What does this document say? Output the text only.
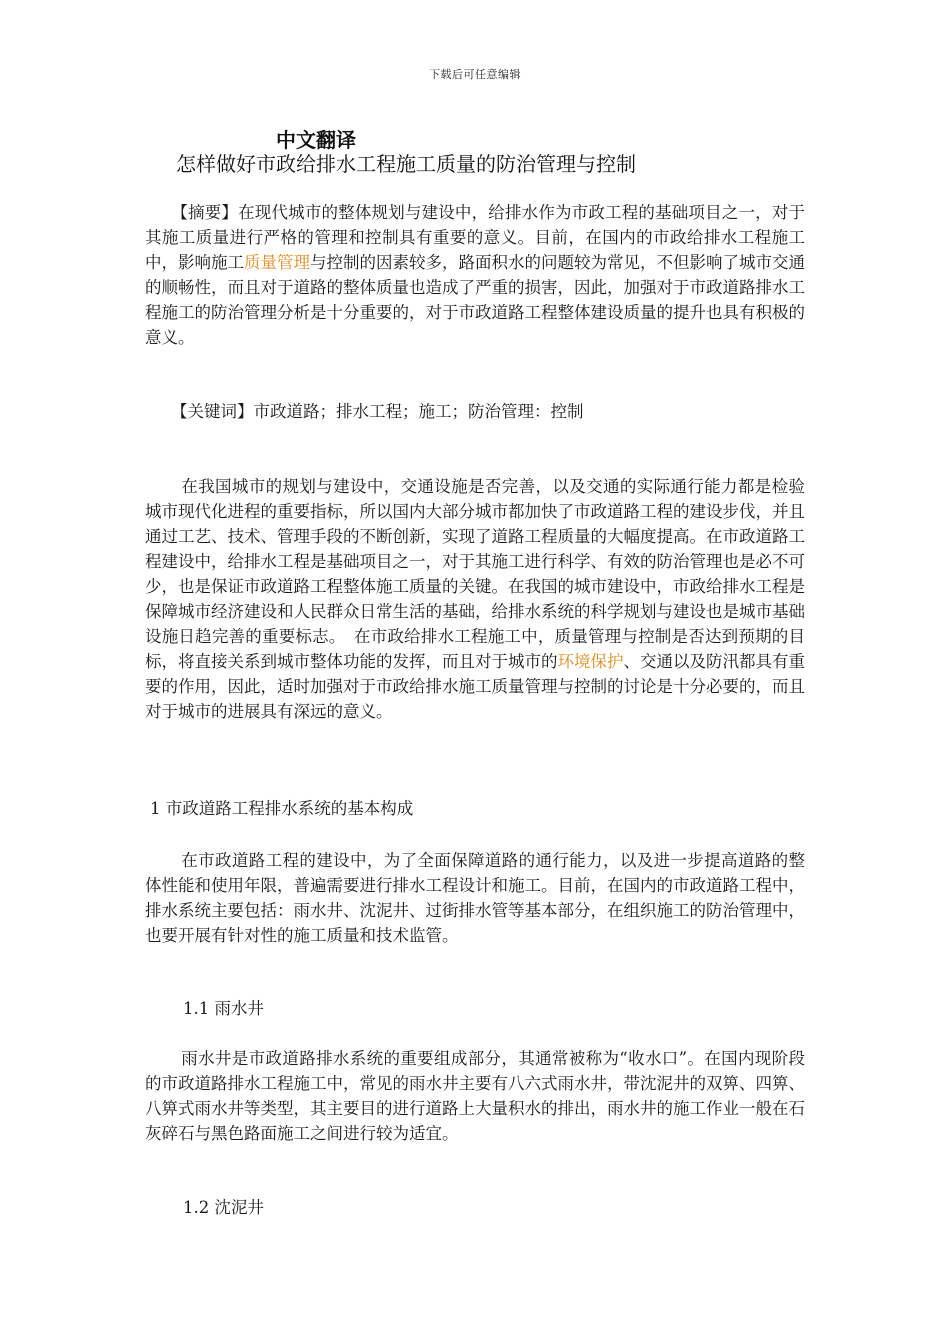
下载后可任意编辑
中文翻译
怎样做好市政给排水工程施工质量的防治管理与控制

【摘要】在现代城市的整体规划与建设中，给排水作为市政工程的基础项目之一，对于其施工质量进行严格的管理和控制具有重要的意义。目前，在国内的市政给排水工程施工中，影响施工质量管理与控制的因素较多，路面积水的问题较为常见，不但影响了城市交通的顺畅性，而且对于道路的整体质量也造成了严重的损害，因此，加强对于市政道路排水工程施工的防治管理分析是十分重要的，对于市政道路工程整体建设质量的提升也具有积极的意义。

【关键词】市政道路；排水工程；施工；防治管理：控制

在我国城市的规划与建设中，交通设施是否完善，以及交通的实际通行能力都是检验城市现代化进程的重要指标，所以国内大部分城市都加快了市政道路工程的建设步伐，并且通过工艺、技术、管理手段的不断创新，实现了道路工程质量的大幅度提高。在市政道路工程建设中，给排水工程是基础项目之一，对于其施工进行科学、有效的防治管理也是必不可少，也是保证市政道路工程整体施工质量的关键。在我国的城市建设中，市政给排水工程是保障城市经济建设和人民群众日常生活的基础，给排水系统的科学规划与建设也是城市基础设施日趋完善的重要标志。　在市政给排水工程施工中，质量管理与控制是否达到预期的目标，将直接关系到城市整体功能的发挥，而且对于城市的环境保护、交通以及防汛都具有重要的作用，因此，适时加强对于市政给排水施工质量管理与控制的讨论是十分必要的，而且对于城市的进展具有深远的意义。

1 市政道路工程排水系统的基本构成

在市政道路工程的建设中，为了全面保障道路的通行能力，以及进一步提高道路的整体性能和使用年限，普遍需要进行排水工程设计和施工。目前，在国内的市政道路工程中，排水系统主要包括：雨水井、沈泥井、过街排水管等基本部分，在组织施工的防治管理中，也要开展有针对性的施工质量和技术监管。

1.1 雨水井

雨水井是市政道路排水系统的重要组成部分，其通常被称为“收水口”。在国内现阶段的市政道路排水工程施工中，常见的雨水井主要有八六式雨水井，带沈泥井的双箅、四箅、八箅式雨水井等类型，其主要目的进行道路上大量积水的排出，雨水井的施工作业一般在石灰碎石与黑色路面施工之间进行较为适宜。

1.2 沈泥井
